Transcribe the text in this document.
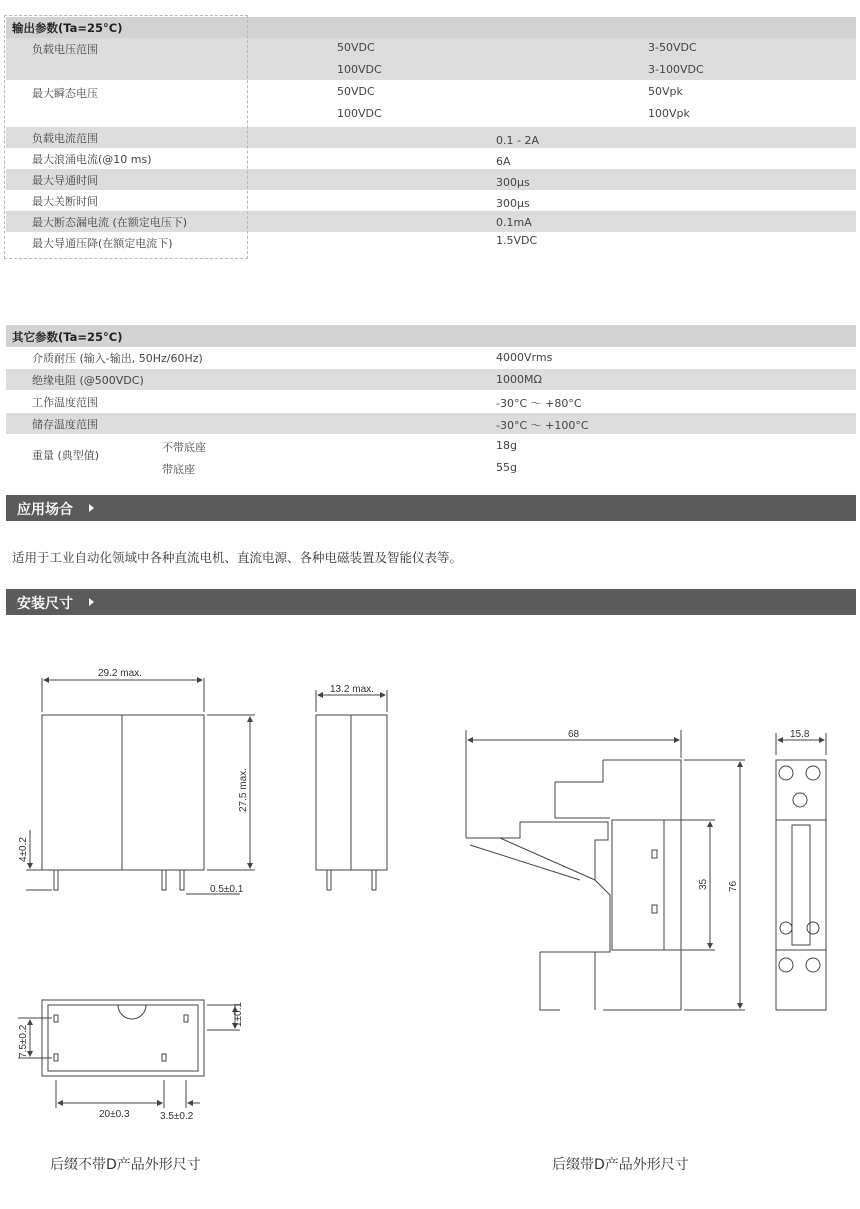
输出参数(Ta=25°C)
负载电压范围	50VDC	3-50VDC
100VDC	3-100VDC
最大瞬态电压	50VDC	50Vpk
100VDC	100Vpk
负载电流范围	0.1 - 2A
最大浪涌电流(@10 ms)	6A
最大导通时间	300μs
最大关断时间	300μs
最大断态漏电流 (在额定电压下)	0.1mA
最大导通压降(在额定电流下)	1.5VDC
其它参数(Ta=25°C)
介质耐压 (输入-输出, 50Hz/60Hz)	4000Vrms
绝缘电阻 (@500VDC)	1000MΩ
工作温度范围	-30°C ～ +80°C
储存温度范围	-30°C ～ +100°C
重量 (典型值)
不带底座	18g
带底座	55g
应用场合
适用于工业自动化领域中各种直流电机、直流电源、各种电磁装置及智能仪表等。
安装尺寸
29.2 max.
13.2 max.
0.5±0.1
20±0.3	3.5±0.2
68	15.8
27.5 max.
4±0.2
1±0.1
7.5±0.2
35 76
后缀不带D产品外形尺寸	后缀带D产品外形尺寸
